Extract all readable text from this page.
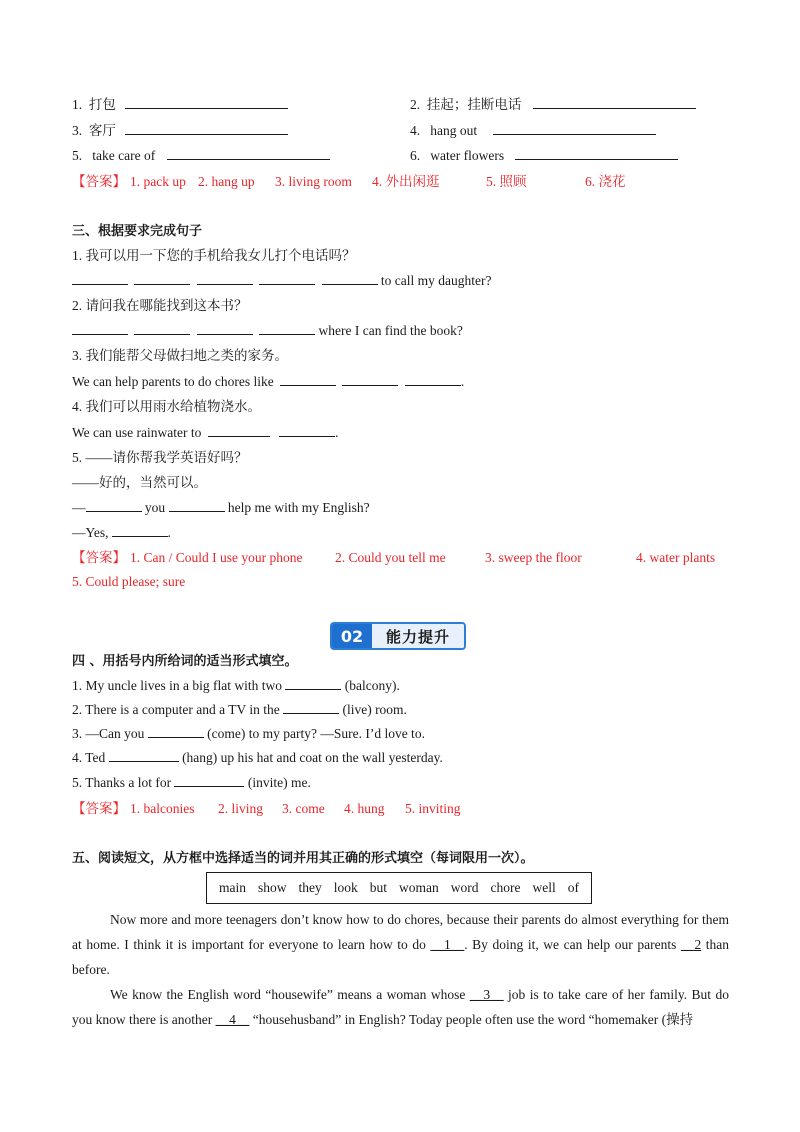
1. 打包	2. 挂起；挂断电话
3. 客厅	4. hang out
5. take care of	6. water flowers
【答案】 1. pack up 2. hang up 3. living room 4. 外出闲逛	5. 照顾	6. 浇花
三、根据要求完成句子
1. 我可以用一下您的手机给我女儿打个电话吗？
to call my daughter?
2. 请问我在哪能找到这本书？
where I can find the book?
3. 我们能帮父母做扫地之类的家务。
We can help parents to do chores like	.
4. 我们可以用雨水给植物浇水。
We can use rainwater to	.
5. ——请你帮我学英语好吗？
——好的，当然可以。
—	you	help me with my English?
—Yes,	.
【答案】 1. Can / Could I use your phone 2. Could you tell me	3. sweep the floor	4. water plants
5. Could please; sure
02	能力提升
四 、用括号内所给词的适当形式填空。
1. My uncle lives in a big flat with two	(balcony).
2. There is a computer and a TV in the	(live) room.
3. —Can you	(come) to my party? —Sure. I’d love to.
4. Ted	(hang) up his hat and coat on the wall yesterday.
5. Thanks a lot for	(invite) me.
【答案】 1. balconies 2. living 3. come 4. hung 5. inviting
五、阅读短文，从方框中选择适当的词并用其正确的形式填空（每词限用一次）。
main show they look but woman word chore well of
Now more and more teenagers don’t know how to do chores, because their parents do almost everything for them at home. I think it is important for everyone to learn how to do __1__. By doing it, we can help our parents __2 than before.
We know the English word “housewife” means a woman whose __3__ job is to take care of her family. But do you know there is another __4__ “househusband” in English? Today people often use the word “homemaker (操持
